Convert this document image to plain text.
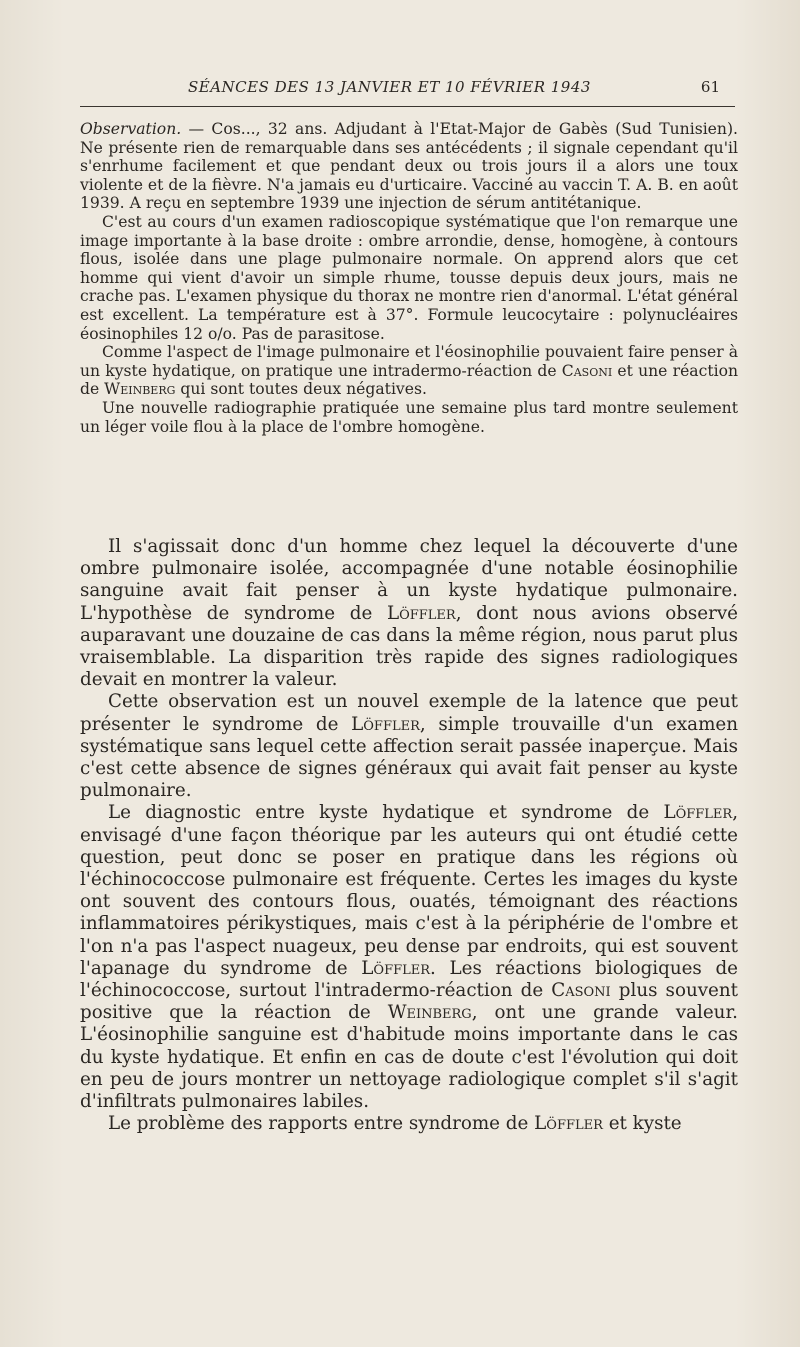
SÉANCES DES 13 JANVIER ET 10 FÉVRIER 1943	61

Observation. — Cos..., 32 ans. Adjudant à l'Etat-Major de Gabès (Sud Tunisien). Ne présente rien de remarquable dans ses antécédents ; il signale cependant qu'il s'enrhume facilement et que pendant deux ou trois jours il a alors une toux violente et de la fièvre. N'a jamais eu d'urticaire. Vacciné au vaccin T. A. B. en août 1939. A reçu en septembre 1939 une injection de sérum antitétanique.

C'est au cours d'un examen radioscopique systématique que l'on remarque une image importante à la base droite : ombre arrondie, dense, homogène, à contours flous, isolée dans une plage pulmonaire normale. On apprend alors que cet homme qui vient d'avoir un simple rhume, tousse depuis deux jours, mais ne crache pas. L'examen physique du thorax ne montre rien d'anormal. L'état général est excellent. La température est à 37°. Formule leucocytaire : polynucléaires éosinophiles 12 o/o. Pas de parasitose.

Comme l'aspect de l'image pulmonaire et l'éosinophilie pouvaient faire penser à un kyste hydatique, on pratique une intradermo-réaction de Casoni et une réaction de Weinberg qui sont toutes deux négatives.

Une nouvelle radiographie pratiquée une semaine plus tard montre seulement un léger voile flou à la place de l'ombre homogène.

Il s'agissait donc d'un homme chez lequel la découverte d'une ombre pulmonaire isolée, accompagnée d'une notable éosinophilie sanguine avait fait penser à un kyste hydatique pulmonaire. L'hypothèse de syndrome de Löffler, dont nous avions observé auparavant une douzaine de cas dans la même région, nous parut plus vraisemblable. La disparition très rapide des signes radiologiques devait en montrer la valeur.

Cette observation est un nouvel exemple de la latence que peut présenter le syndrome de Löffler, simple trouvaille d'un examen systématique sans lequel cette affection serait passée inaperçue. Mais c'est cette absence de signes généraux qui avait fait penser au kyste pulmonaire.

Le diagnostic entre kyste hydatique et syndrome de Löffler, envisagé d'une façon théorique par les auteurs qui ont étudié cette question, peut donc se poser en pratique dans les régions où l'échinococcose pulmonaire est fréquente. Certes les images du kyste ont souvent des contours flous, ouatés, témoignant des réactions inflammatoires périkystiques, mais c'est à la périphérie de l'ombre et l'on n'a pas l'aspect nuageux, peu dense par endroits, qui est souvent l'apanage du syndrome de Löffler. Les réactions biologiques de l'échinococcose, surtout l'intradermo-réaction de Casoni plus souvent positive que la réaction de Weinberg, ont une grande valeur. L'éosinophilie sanguine est d'habitude moins importante dans le cas du kyste hydatique. Et enfin en cas de doute c'est l'évolution qui doit en peu de jours montrer un nettoyage radiologique complet s'il s'agit d'infiltrats pulmonaires labiles.

Le problème des rapports entre syndrome de Löffler et kyste
